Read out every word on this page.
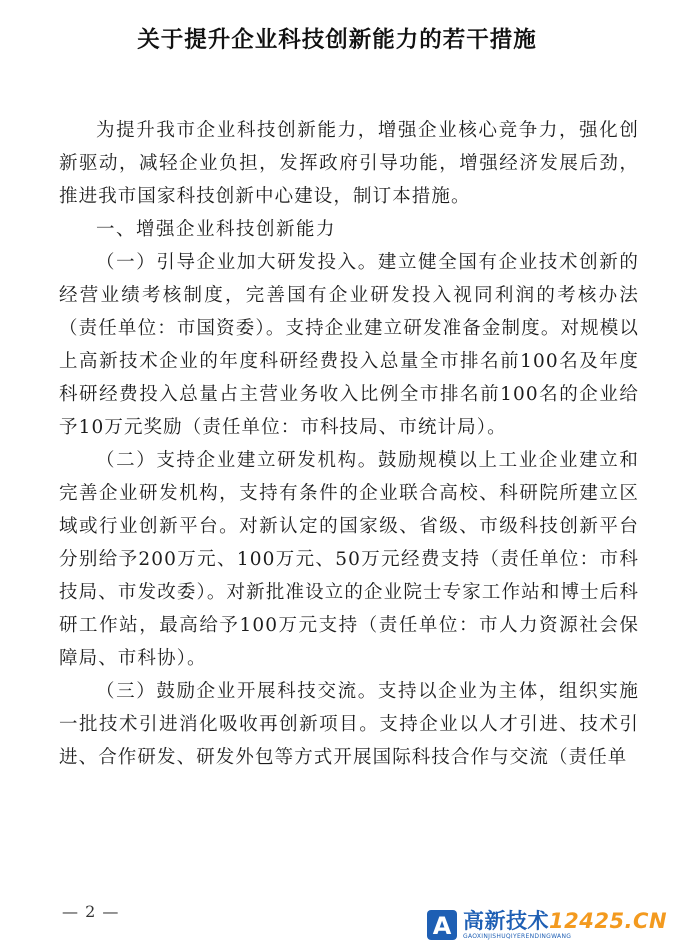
关于提升企业科技创新能力的若干措施

为提升我市企业科技创新能力，增强企业核心竞争力，强化创新驱动，减轻企业负担，发挥政府引导功能，增强经济发展后劲，推进我市国家科技创新中心建设，制订本措施。

一、增强企业科技创新能力

（一）引导企业加大研发投入。建立健全国有企业技术创新的经营业绩考核制度，完善国有企业研发投入视同利润的考核办法（责任单位：市国资委）。支持企业建立研发准备金制度。对规模以上高新技术企业的年度科研经费投入总量全市排名前100名及年度科研经费投入总量占主营业务收入比例全市排名前100名的企业给予10万元奖励（责任单位：市科技局、市统计局）。

（二）支持企业建立研发机构。鼓励规模以上工业企业建立和完善企业研发机构，支持有条件的企业联合高校、科研院所建立区域或行业创新平台。对新认定的国家级、省级、市级科技创新平台分别给予200万元、100万元、50万元经费支持（责任单位：市科技局、市发改委）。对新批准设立的企业院士专家工作站和博士后科研工作站，最高给予100万元支持（责任单位：市人力资源社会保障局、市科协）。

（三）鼓励企业开展科技交流。支持以企业为主体，组织实施一批技术引进消化吸收再创新项目。支持企业以人才引进、技术引进、合作研发、研发外包等方式开展国际科技合作与交流（责任单

— 2 —
A 高新技术12425.CN
GAOXINJISHUQIYERENDINGWANG
